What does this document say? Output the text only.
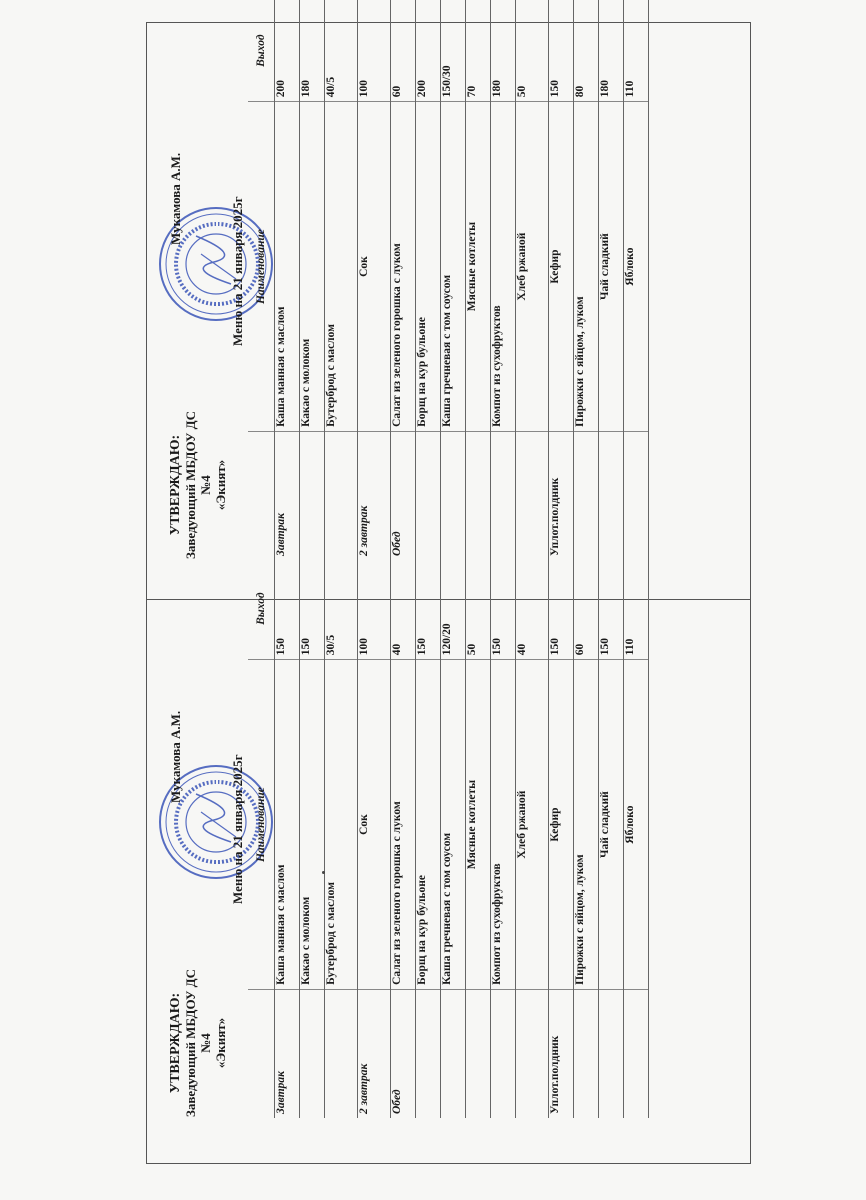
УТВЕРЖДАЮ: Заведующий МБДОУ ДС №4 «Экият»
Мукамова А.М.	Меню на 21 января 2025г
	Наименование	Выход
Завтрак	Каша манная с маслом	150
	Какао с молоком	150
	Бутерброд с маслом	30/5
2 завтрак	Сок	100
Обед	Салат из зеленого горошка с луком	40
	Борщ на кур бульоне	150
	Каша гречневая с том соусом	120/20
	Мясные котлеты	50
	Компот из сухофруктов	150
	Хлеб ржаной	40
Уплот.полдник	Кефир	150
	Пирожки с яйцом, луком	60
	Чай сладкий	150
	Яблоко	110
УТВЕРЖДАЮ: Заведующий МБДОУ ДС №4 «Экият»
Мукамова А.М.	Меню на 21 января 2025г
	Наименование	Выход
Завтрак	Каша манная с маслом	200
	Какао с молоком	180
	Бутерброд с маслом	40/5
2 завтрак	Сок	100
Обед	Салат из зеленого горошка с луком	60
	Борщ на кур бульоне	200
	Каша гречневая с том соусом	150/30
	Мясные котлеты	70
	Компот из сухофруктов	180
	Хлеб ржаной	50
Уплот.полдник	Кефир	150
	Пирожки с яйцом, луком	80
	Чай сладкий	180
	Яблоко	110
